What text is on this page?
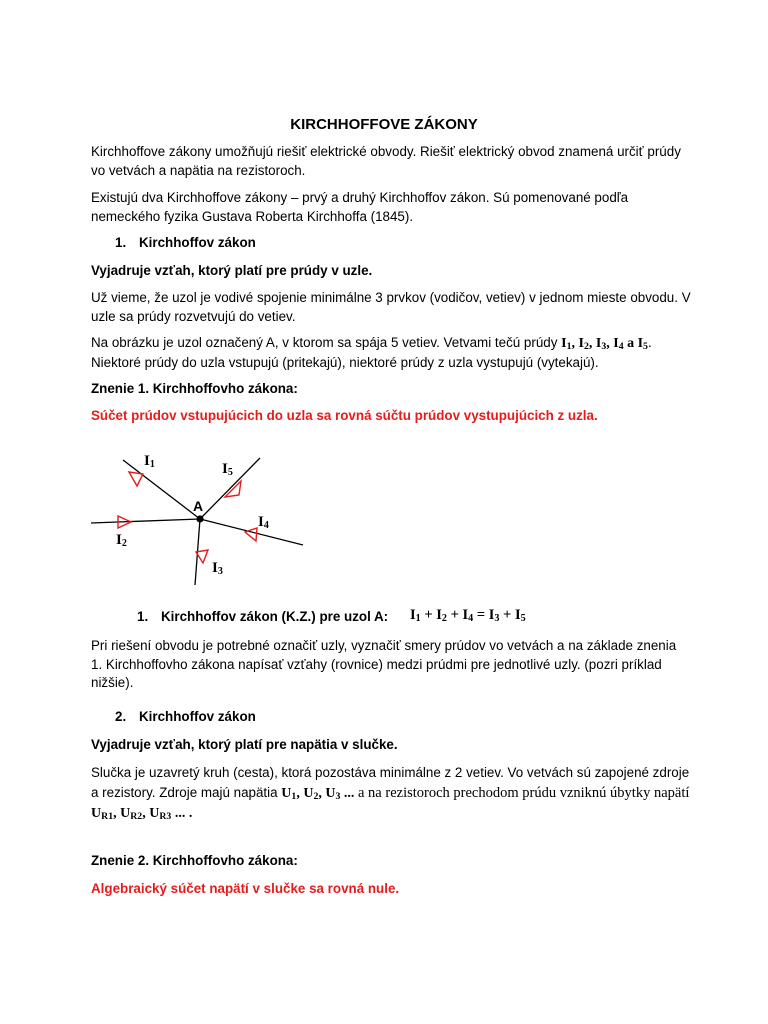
KIRCHHOFFOVE ZÁKONY

Kirchhoffove zákony umožňujú riešiť elektrické obvody. Riešiť elektrický obvod znamená určiť prúdy vo vetvách a napätia na rezistoroch.

Existujú dva Kirchhoffove zákony – prvý a druhý Kirchhoffov zákon. Sú pomenované podľa nemeckého fyzika Gustava Roberta Kirchhoffa (1845).

1. Kirchhoffov zákon

Vyjadruje vzťah, ktorý platí pre prúdy v uzle.

Už vieme, že uzol je vodivé spojenie minimálne 3 prvkov (vodičov, vetiev) v jednom mieste obvodu. V uzle sa prúdy rozvetvujú do vetiev.

Na obrázku je uzol označený A, v ktorom sa spája 5 vetiev. Vetvami tečú prúdy $I_1$, $I_2$, $I_3$, $I_4$ a $I_5$. Niektoré prúdy do uzla vstupujú (pritekajú), niektoré prúdy z uzla vystupujú (vytekajú).

Znenie 1. Kirchhoffovho zákona:

Súčet prúdov vstupujúcich do uzla sa rovná súčtu prúdov vystupujúcich z uzla.

A
I1	I5
I4
I2
I3
1. Kirchhoffov zákon (K.Z.) pre uzol A: $I_1 + I_2 + I_4 = I_3 + I_5$

Pri riešení obvodu je potrebné označiť uzly, vyznačiť smery prúdov vo vetvách a na základe znenia 1. Kirchhoffovho zákona napísať vzťahy (rovnice) medzi prúdmi pre jednotlivé uzly. (pozri príklad nižšie).

2. Kirchhoffov zákon

Vyjadruje vzťah, ktorý platí pre napätia v slučke.

Slučka je uzavretý kruh (cesta), ktorá pozostáva minimálne z 2 vetiev. Vo vetvách sú zapojené zdroje a rezistory. Zdroje majú napätia $U_1$, $U_2$, $U_3$ ... a na rezistoroch prechodom prúdu vzniknú úbytky napätí $U_{R1}$, $U_{R2}$, $U_{R3}$ ... .

Znenie 2. Kirchhoffovho zákona:

Algebraický súčet napätí v slučke sa rovná nule.
